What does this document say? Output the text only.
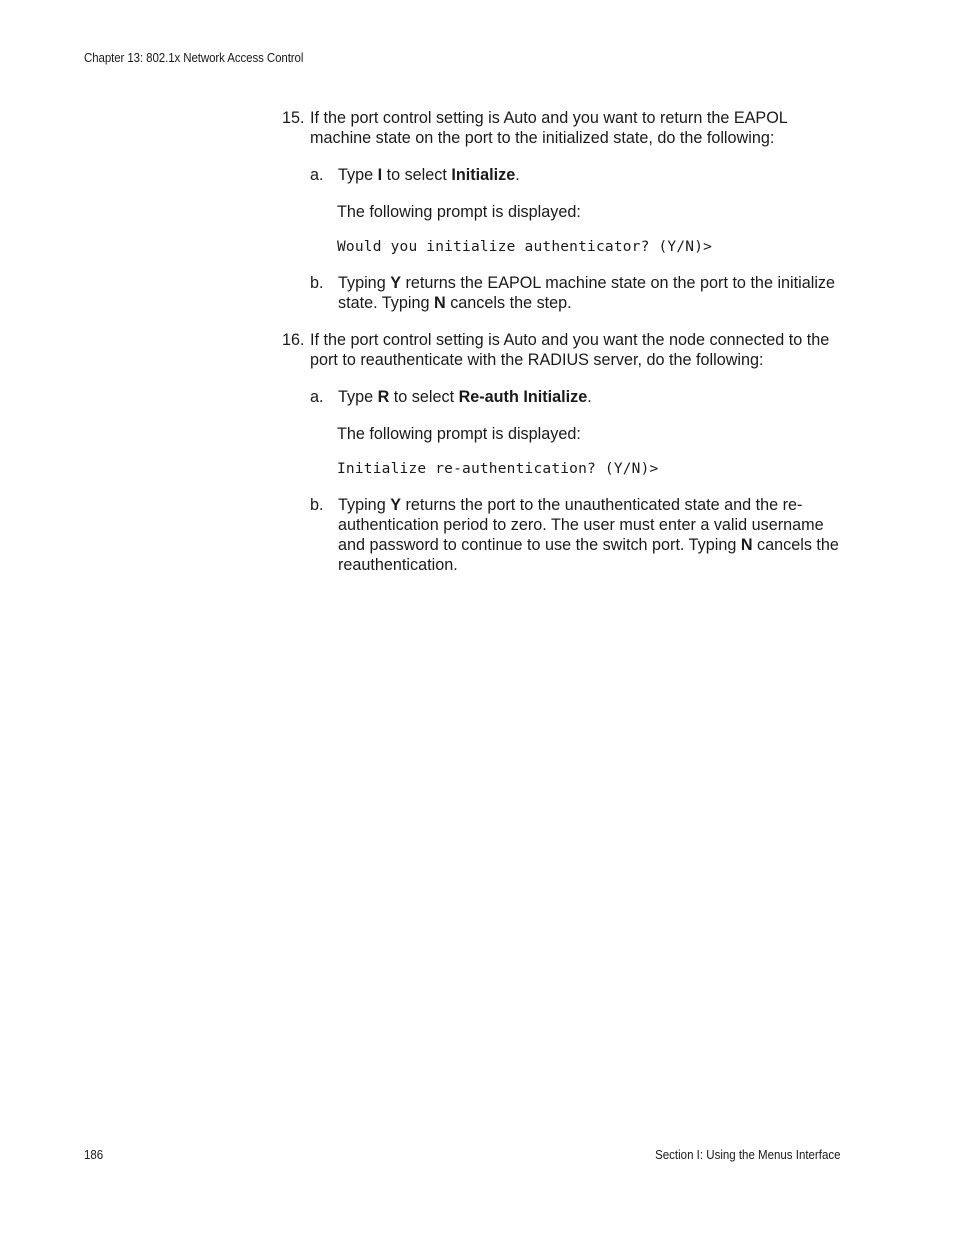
Chapter 13: 802.1x Network Access Control
15. If the port control setting is Auto and you want to return the EAPOL machine state on the port to the initialized state, do the following:
a. Type I to select Initialize.
The following prompt is displayed:
Would you initialize authenticator? (Y/N)>
b. Typing Y returns the EAPOL machine state on the port to the initialize state. Typing N cancels the step.
16. If the port control setting is Auto and you want the node connected to the port to reauthenticate with the RADIUS server, do the following:
a. Type R to select Re-auth Initialize.
The following prompt is displayed:
Initialize re-authentication? (Y/N)>
b. Typing Y returns the port to the unauthenticated state and the re-authentication period to zero. The user must enter a valid username and password to continue to use the switch port. Typing N cancels the reauthentication.
186	Section I: Using the Menus Interface
